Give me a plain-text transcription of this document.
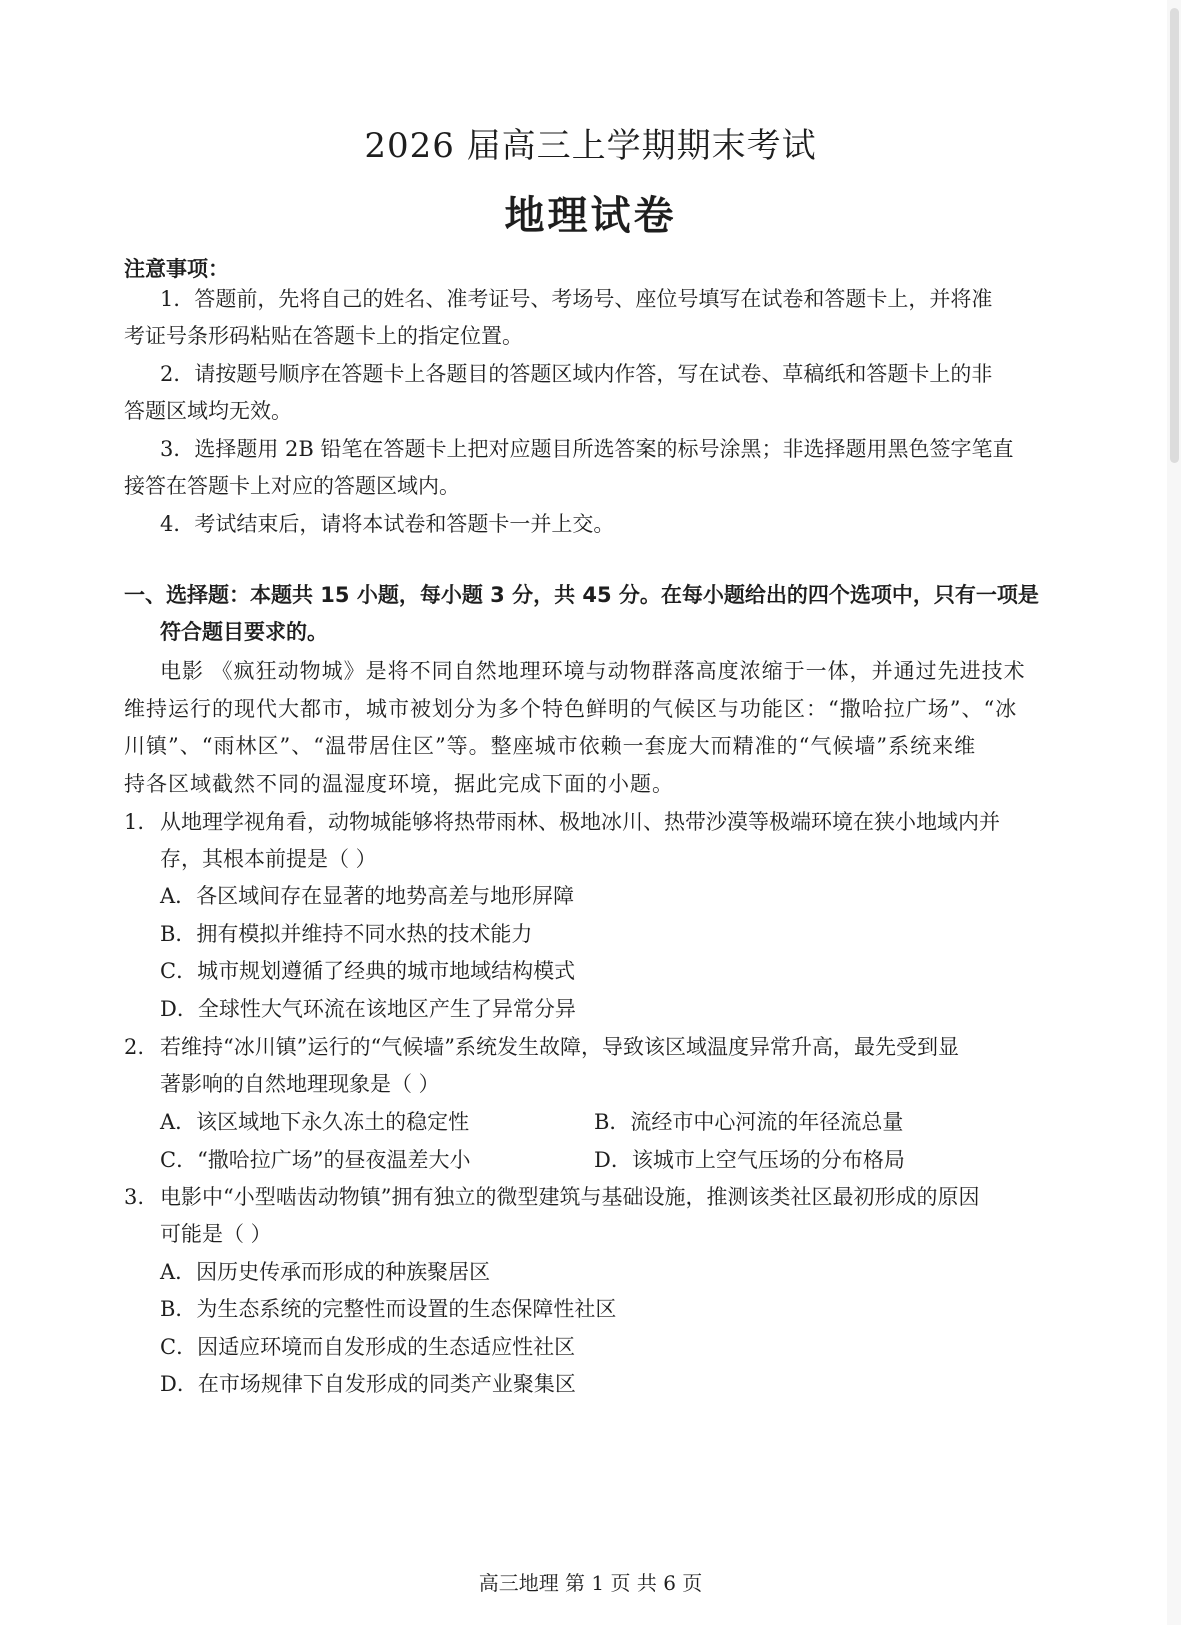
2026 届高三上学期期末考试
地理试卷
注意事项：
1．答题前，先将自己的姓名、准考证号、考场号、座位号填写在试卷和答题卡上，并将准
考证号条形码粘贴在答题卡上的指定位置。
2．请按题号顺序在答题卡上各题目的答题区域内作答，写在试卷、草稿纸和答题卡上的非
答题区域均无效。
3．选择题用 2B 铅笔在答题卡上把对应题目所选答案的标号涂黑；非选择题用黑色签字笔直
接答在答题卡上对应的答题区域内。
4．考试结束后，请将本试卷和答题卡一并上交。
一、选择题：本题共 15 小题，每小题 3 分，共 45 分。在每小题给出的四个选项中，只有一项是
符合题目要求的。
电影 《疯狂动物城》是将不同自然地理环境与动物群落高度浓缩于一体，并通过先进技术
维持运行的现代大都市，城市被划分为多个特色鲜明的气候区与功能区：“撒哈拉广场”、“冰
川镇”、“雨林区”、“温带居住区”等。整座城市依赖一套庞大而精准的“气候墙”系统来维
持各区域截然不同的温湿度环境，据此完成下面的小题。
1. 从地理学视角看，动物城能够将热带雨林、极地冰川、热带沙漠等极端环境在狭小地域内并
存，其根本前提是（ ）
A．各区域间存在显著的地势高差与地形屏障
B．拥有模拟并维持不同水热的技术能力
C．城市规划遵循了经典的城市地域结构模式
D．全球性大气环流在该地区产生了异常分异
2. 若维持“冰川镇”运行的“气候墙”系统发生故障，导致该区域温度异常升高，最先受到显
著影响的自然地理现象是（ ）
A．该区域地下永久冻土的稳定性	B．流经市中心河流的年径流总量
C．“撒哈拉广场”的昼夜温差大小	D．该城市上空气压场的分布格局
3. 电影中“小型啮齿动物镇”拥有独立的微型建筑与基础设施，推测该类社区最初形成的原因
可能是（ ）
A．因历史传承而形成的种族聚居区
B．为生态系统的完整性而设置的生态保障性社区
C．因适应环境而自发形成的生态适应性社区
D．在市场规律下自发形成的同类产业聚集区
高三地理 第 1 页 共 6 页
